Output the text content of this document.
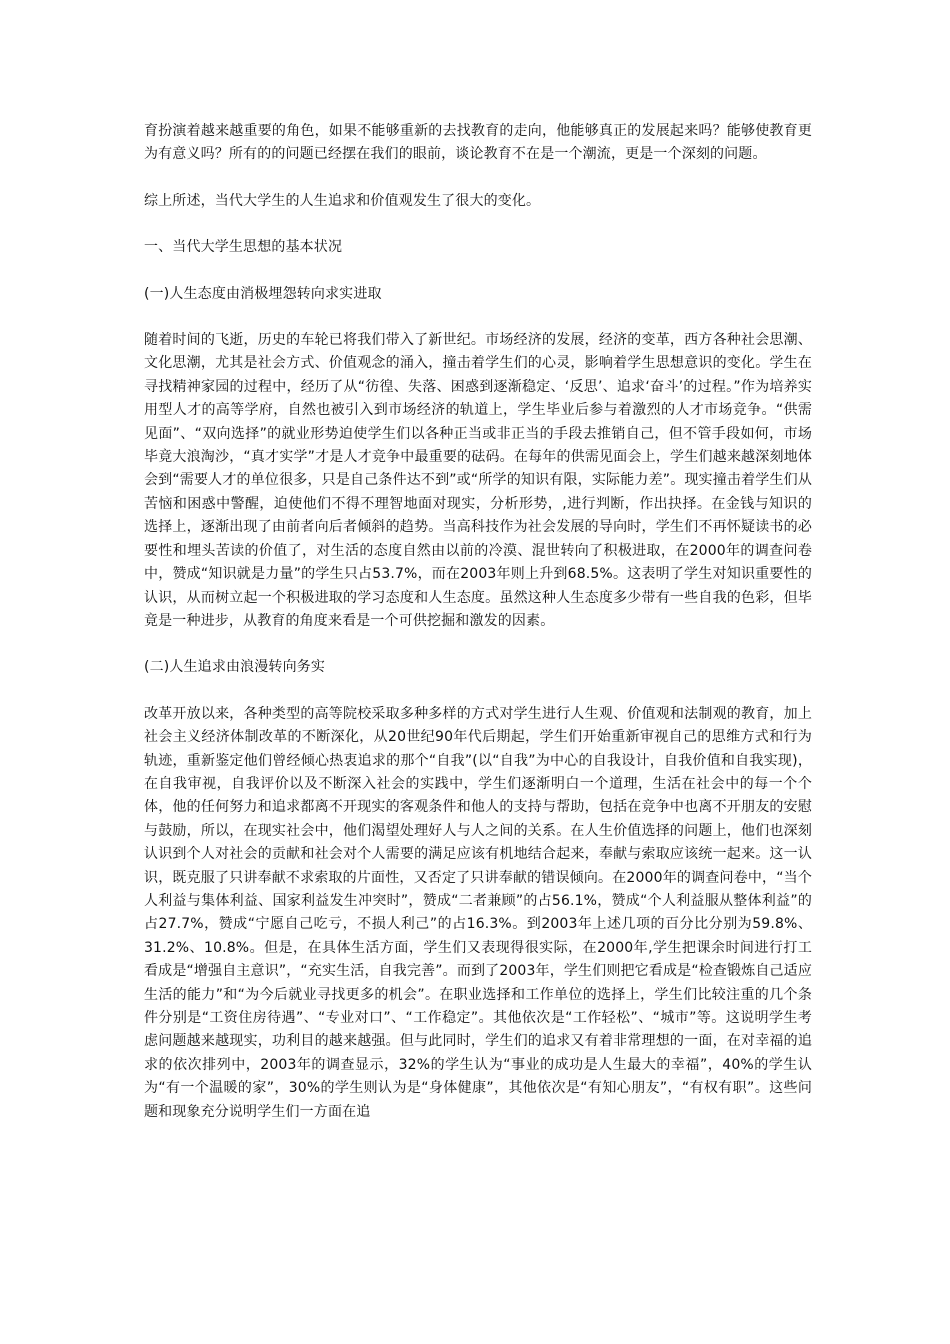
育扮演着越来越重要的角色，如果不能够重新的去找教育的走向，他能够真正的发展起来吗？能够使教育更为有意义吗？所有的的问题已经摆在我们的眼前，谈论教育不在是一个潮流，更是一个深刻的问题。

综上所述，当代大学生的人生追求和价值观发生了很大的变化。

一、当代大学生思想的基本状况

(一)人生态度由消极埋怨转向求实进取

随着时间的飞逝，历史的车轮已将我们带入了新世纪。市场经济的发展，经济的变革，西方各种社会思潮、文化思潮，尤其是社会方式、价值观念的涌入，撞击着学生们的心灵，影响着学生思想意识的变化。学生在寻找精神家园的过程中，经历了从“彷徨、失落、困惑到逐渐稳定、‘反思’、追求‘奋斗’的过程。”作为培养实用型人才的高等学府，自然也被引入到市场经济的轨道上，学生毕业后参与着激烈的人才市场竞争。“供需见面”、“双向选择”的就业形势迫使学生们以各种正当或非正当的手段去推销自己，但不管手段如何，市场毕竟大浪淘沙，“真才实学”才是人才竞争中最重要的砝码。在每年的供需见面会上，学生们越来越深刻地体会到“需要人才的单位很多，只是自己条件达不到”或“所学的知识有限，实际能力差”。现实撞击着学生们从苦恼和困惑中警醒，迫使他们不得不理智地面对现实，分析形势，,进行判断，作出抉择。在金钱与知识的选择上，逐渐出现了由前者向后者倾斜的趋势。当高科技作为社会发展的导向时，学生们不再怀疑读书的必要性和埋头苦读的价值了，对生活的态度自然由以前的冷漠、混世转向了积极进取，在2000年的调查问卷中，赞成“知识就是力量”的学生只占53.7%，而在2003年则上升到68.5%。这表明了学生对知识重要性的认识，从而树立起一个积极进取的学习态度和人生态度。虽然这种人生态度多少带有一些自我的色彩，但毕竟是一种进步，从教育的角度来看是一个可供挖掘和激发的因素。

(二)人生追求由浪漫转向务实

改革开放以来，各种类型的高等院校采取多种多样的方式对学生进行人生观、价值观和法制观的教育，加上社会主义经济体制改革的不断深化，从20世纪90年代后期起，学生们开始重新审视自己的思维方式和行为轨迹，重新鉴定他们曾经倾心热衷追求的那个“自我”(以“自我”为中心的自我设计，自我价值和自我实现)，在自我审视，自我评价以及不断深入社会的实践中，学生们逐渐明白一个道理，生活在社会中的每一个个体，他的任何努力和追求都离不开现实的客观条件和他人的支持与帮助，包括在竞争中也离不开朋友的安慰与鼓励，所以，在现实社会中，他们渴望处理好人与人之间的关系。在人生价值选择的问题上，他们也深刻认识到个人对社会的贡献和社会对个人需要的满足应该有机地结合起来，奉献与索取应该统一起来。这一认识，既克服了只讲奉献不求索取的片面性，又否定了只讲奉献的错误倾向。在2000年的调查问卷中，“当个人利益与集体利益、国家利益发生冲突时”，赞成“二者兼顾”的占56.1%，赞成“个人利益服从整体利益”的占27.7%，赞成“宁愿自己吃亏，不损人利己”的占16.3%。到2003年上述几项的百分比分别为59.8%、31.2%、10.8%。但是，在具体生活方面，学生们又表现得很实际，在2000年,学生把课余时间进行打工看成是“增强自主意识”，“充实生活，自我完善”。而到了2003年，学生们则把它看成是“检查锻炼自己适应生活的能力”和“为今后就业寻找更多的机会”。在职业选择和工作单位的选择上，学生们比较注重的几个条件分别是“工资住房待遇”、“专业对口”、“工作稳定”。其他依次是“工作轻松”、“城市”等。这说明学生考虑问题越来越现实，功利目的越来越强。但与此同时，学生们的追求又有着非常理想的一面，在对幸福的追求的依次排列中，2003年的调查显示，32%的学生认为“事业的成功是人生最大的幸福”，40%的学生认为“有一个温暖的家”，30%的学生则认为是“身体健康”，其他依次是“有知心朋友”，“有权有职”。这些问题和现象充分说明学生们一方面在追
